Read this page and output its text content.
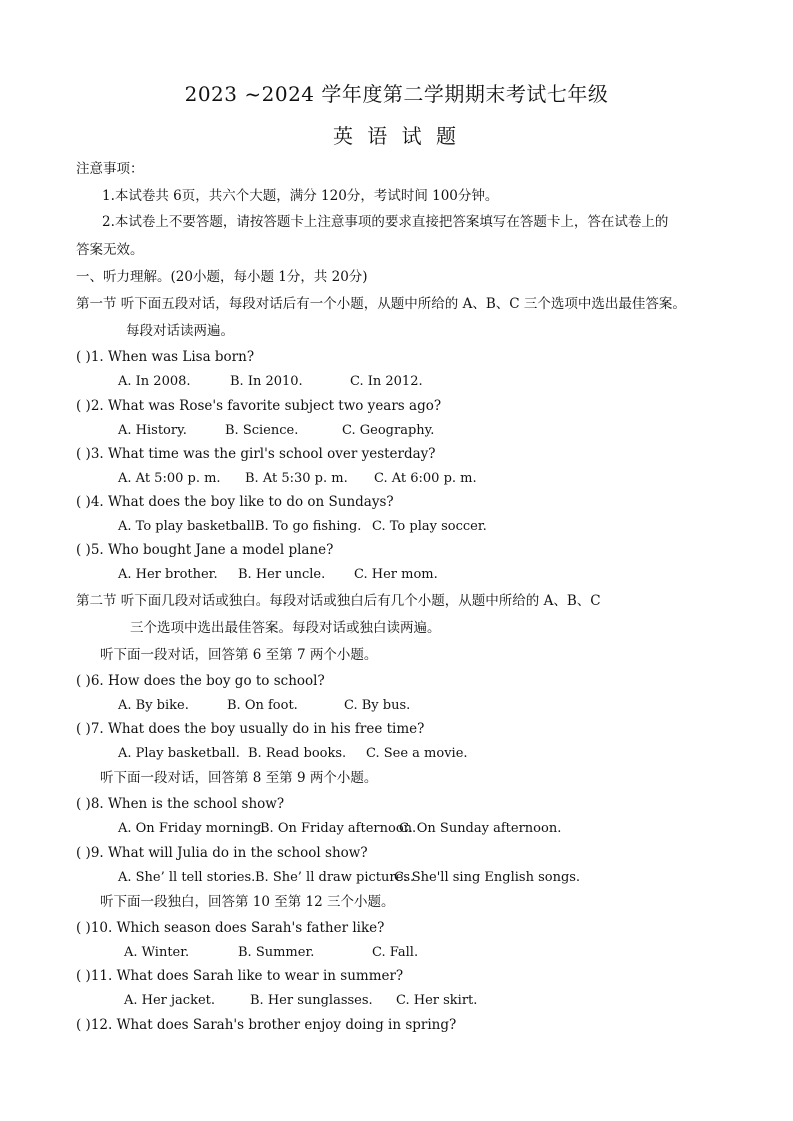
2023 ~2024 学年度第二学期期末考试七年级
英 语 试 题
注意事项：
1.本试卷共 6页，共六个大题，满分 120分，考试时间 100分钟。
2.本试卷上不要答题，请按答题卡上注意事项的要求直接把答案填写在答题卡上，答在试卷上的
答案无效。
一、听力理解。(20小题，每小题 1分，共 20分)
第一节 听下面五段对话，每段对话后有一个小题，从题中所给的 A、B、C 三个选项中选出最佳答案。
每段对话读两遍。
( )1. When was Lisa born?
A. In 2008.	B. In 2010.	C. In 2012.
( )2. What was Rose's favorite subject two years ago?
A. History.	B. Science.	C. Geography.
( )3. What time was the girl's school over yesterday?
A. At 5:00 p. m. B. At 5:30 p. m. C. At 6:00 p. m.
( )4. What does the boy like to do on Sundays?
A. To play basketball.
B. To go fishing. C. To play soccer.
( )5. Who bought Jane a model plane?
A. Her brother. B. Her uncle. C. Her mom.
第二节 听下面几段对话或独白。每段对话或独白后有几个小题，从题中所给的 A、B、C
三个选项中选出最佳答案。每段对话或独白读两遍。
听下面一段对话，回答第 6 至第 7 两个小题。
( )6. How does the boy go to school?
A. By bike.	B. On foot.	C. By bus.
( )7. What does the boy usually do in his free time?
A. Play basketball. B. Read books. C. See a movie.
听下面一段对话，回答第 8 至第 9 两个小题。
( )8. When is the school show?
A. On Friday morning.
B. On Friday afternoon.
C. On Sunday afternoon.
( )9. What will Julia do in the school show?
A. She’ ll tell stories. B. She’ ll draw pictures.
C. She'll sing English songs.
听下面一段独白，回答第 10 至第 12 三个小题。
( )10. Which season does Sarah's father like?
A. Winter.	B. Summer.	C. Fall.
( )11. What does Sarah like to wear in summer?
A. Her jacket.	B. Her sunglasses. C. Her skirt.
( )12. What does Sarah's brother enjoy doing in spring?
